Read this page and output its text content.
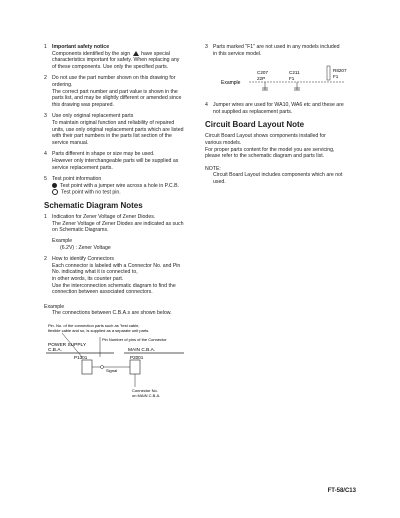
1 Important safety notice
Components identified by the sign have special
characteristics important for safety. When replacing any
of these components. Use only the specified parts.
2 Do not use the part number shown on this drawing for
ordering.
The correct part number and part value is shown in the
parts list, and may be slightly different or amended since
this drawing was prepared.
3 Use only original replacement parts
To maintain original function and reliability of repaired
units, use only original replacement parts which are listed
with their part numbers in the parts list section of the
service manual.
4 Parts different in shape or size may be used.
However only interchangeable parts will be supplied as
service replacement parts.
5 Test point information
Test point with a jumper wire across a hole in P.C.B.
Test point with no test pin.
Schematic Diagram Notes
1 Indication for Zener Voltage of Zener Diodes.
The Zener Voltage of Zener Diodes are indicated as such
on Schematic Diagrams.
Example
(6.2V) : Zener Voltage
2 How to identify Connectors
Each connector is labeled with a Connector No. and Pin
No. indicating what it is connected to,
in other words, its counter part.
Use the interconnection schematic diagram to find the
connection between associated connectors.
Example
The connections between C.B.A.s are shown below.
Pin. No. of the connection parts such as "test cable,
flexible cable and so, is supplied as a separate unit parts.
Pin Number of pins of the Connector
POWER SUPPLY
C.B.A.	MAIN C.B.A.
P1301	P2001
Signal
Connector No.
on MAIN C.B.A.
3 Parts marked "F1" are not used in any models included
in this service model.
Example
C207
22P
C211
F1
R8207
F1
4 Jumper wires are used for WA10, WA6 etc and these are
not supplied as replacement parts.
Circuit Board Layout Note
Circuit Board Layout shows components installed for
various models.
For proper parts content for the model you are servicing,
please refer to the schematic diagram and parts list.
NOTE:
Circuit Board Layout includes components which are not
used.
FT-58/C13
